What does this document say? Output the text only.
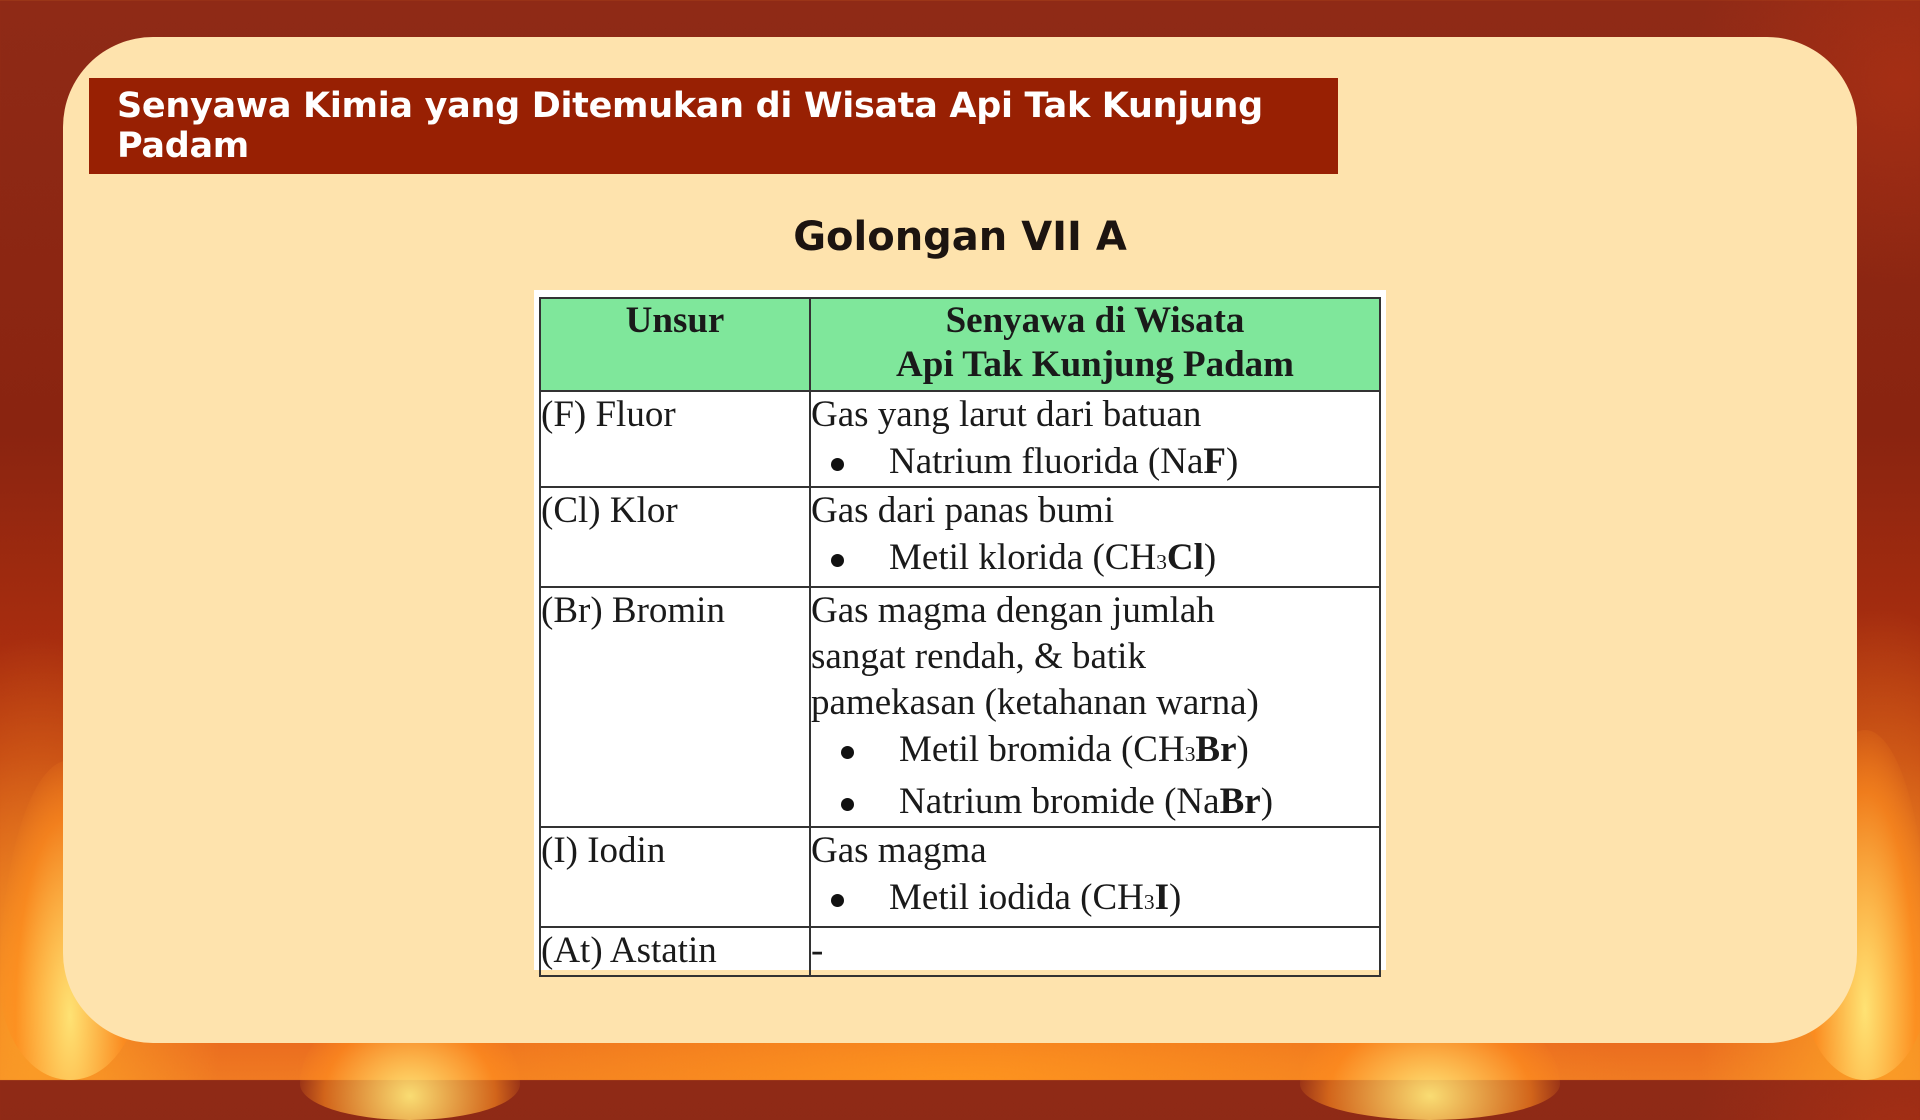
Senyawa Kimia yang Ditemukan di Wisata Api Tak Kunjung Padam
Golongan VII A
Unsur	Senyawa di Wisata
Api Tak Kunjung Padam
(F) Fluor	Gas yang larut dari batuan
Natrium fluorida (NaF)

(Cl) Klor	Gas dari panas bumi
Metil klorida (CH3Cl)

(Br) Bromin	Gas magma dengan jumlah
sangat rendah, & batik
pamekasan (ketahanan warna)
Metil bromida (CH3Br)
Natrium bromide (NaBr)

(I) Iodin	Gas magma
Metil iodida (CH3I)

(At) Astatin	-
